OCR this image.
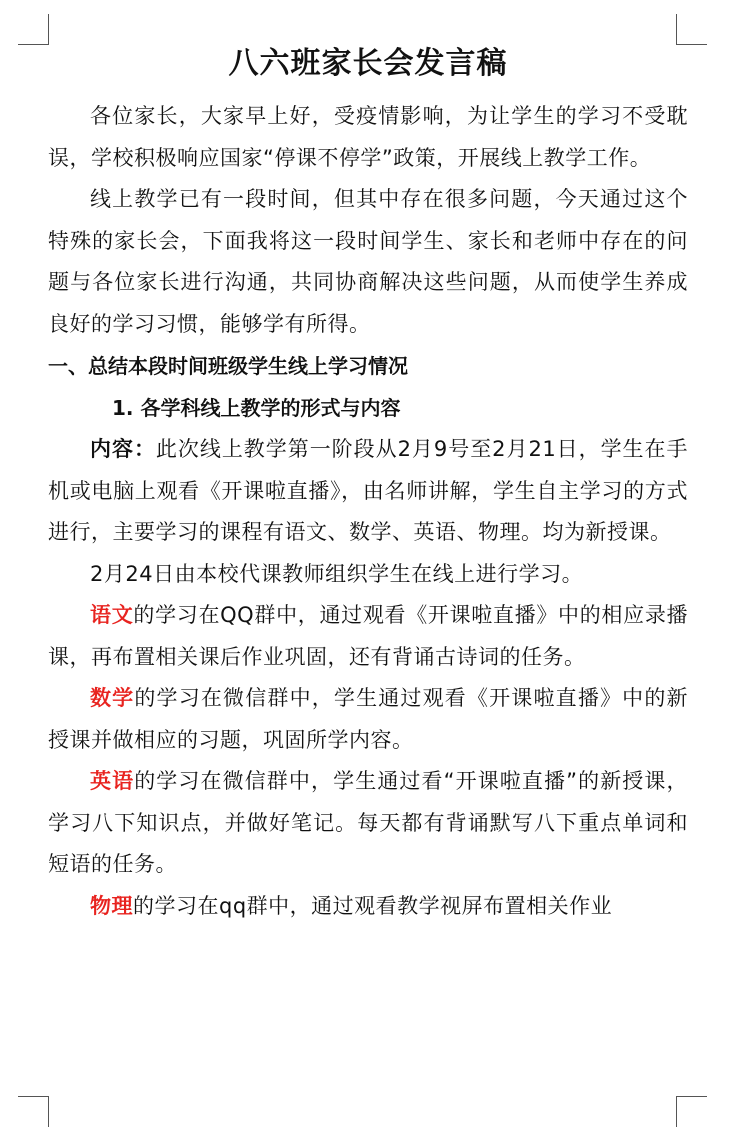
八六班家长会发言稿

各位家长，大家早上好，受疫情影响，为让学生的学习不受耽误，学校积极响应国家“停课不停学”政策，开展线上教学工作。

线上教学已有一段时间，但其中存在很多问题，今天通过这个特殊的家长会，下面我将这一段时间学生、家长和老师中存在的问题与各位家长进行沟通，共同协商解决这些问题，从而使学生养成良好的学习习惯，能够学有所得。

一、总结本段时间班级学生线上学习情况
1. 各学科线上教学的形式与内容

内容：此次线上教学第一阶段从2月9号至2月21日，学生在手机或电脑上观看《开课啦直播》，由名师讲解，学生自主学习的方式进行，主要学习的课程有语文、数学、英语、物理。均为新授课。

2月24日由本校代课教师组织学生在线上进行学习。

语文的学习在QQ群中，通过观看《开课啦直播》中的相应录播课，再布置相关课后作业巩固，还有背诵古诗词的任务。

数学的学习在微信群中，学生通过观看《开课啦直播》中的新授课并做相应的习题，巩固所学内容。

英语的学习在微信群中，学生通过看“开课啦直播”的新授课，学习八下知识点，并做好笔记。每天都有背诵默写八下重点单词和短语的任务。

物理的学习在qq群中，通过观看教学视屏布置相关作业
